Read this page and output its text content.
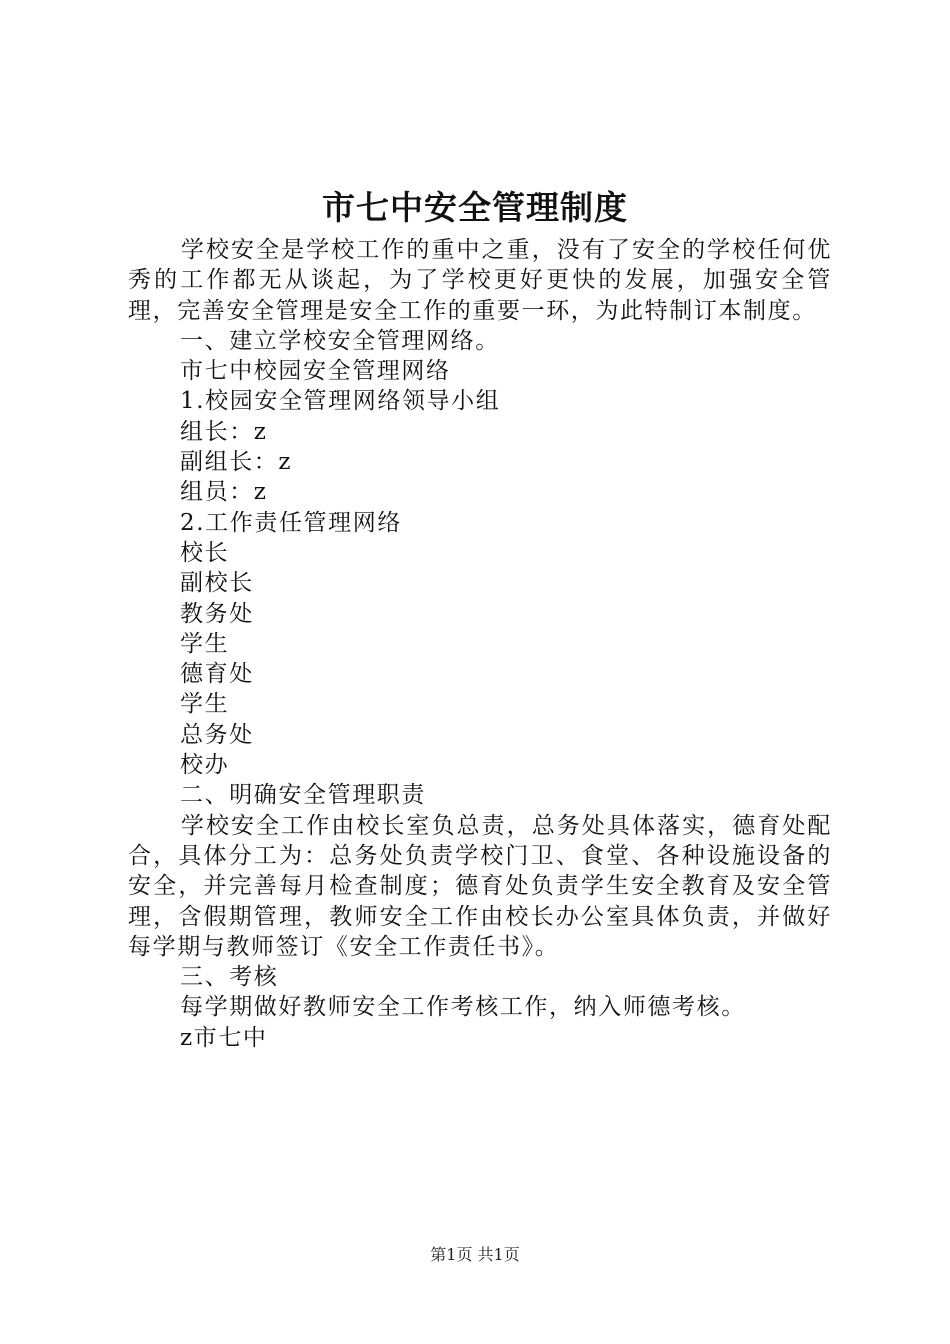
市七中安全管理制度

学校安全是学校工作的重中之重，没有了安全的学校任何优秀的工作都无从谈起，为了学校更好更快的发展，加强安全管理，完善安全管理是安全工作的重要一环，为此特制订本制度。

一、建立学校安全管理网络。

市七中校园安全管理网络

1.校园安全管理网络领导小组

组长：z

副组长：z

组员：z

2.工作责任管理网络

校长

副校长

教务处

学生

德育处

学生

总务处

校办

二、明确安全管理职责

学校安全工作由校长室负总责，总务处具体落实，德育处配合，具体分工为：总务处负责学校门卫、食堂、各种设施设备的安全，并完善每月检查制度；德育处负责学生安全教育及安全管理，含假期管理，教师安全工作由校长办公室具体负责，并做好每学期与教师签订《安全工作责任书》。

三、考核

每学期做好教师安全工作考核工作，纳入师德考核。

z市七中

第1页 共1页
